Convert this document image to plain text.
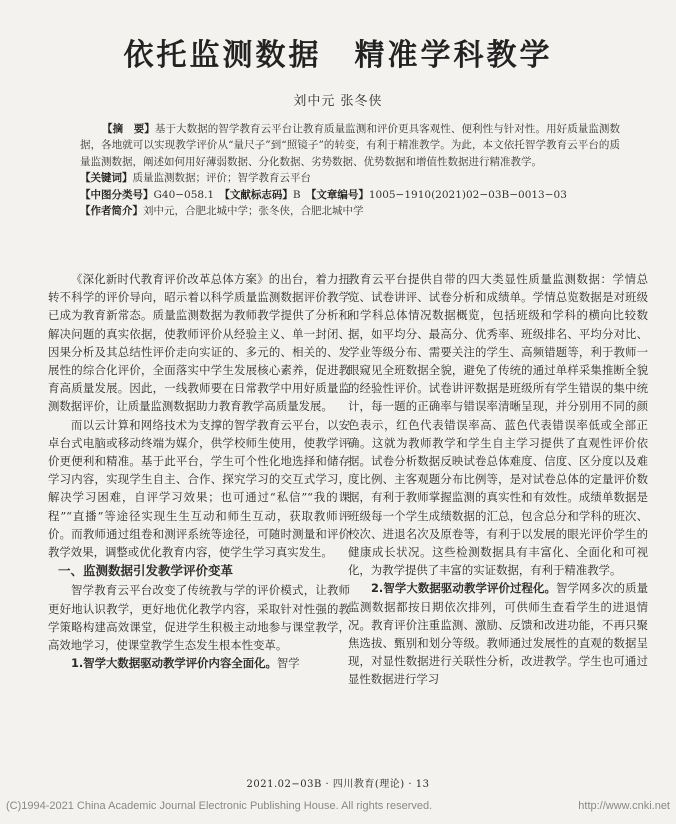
依托监测数据　精准学科教学
刘中元 张冬侠
【摘　要】基于大数据的智学教育云平台让教育质量监测和评价更具客观性、便利性与针对性。用好质量监测数据，各地就可以实现教学评价从“量尺子”到“照镜子”的转变，有利于精准教学。为此，本文依托智学教育云平台的质量监测数据，阐述如何用好薄弱数据、分化数据、劣势数据、优势数据和增值性数据进行精准教学。
【关键词】质量监测数据；评价；智学教育云平台
【中图分类号】G40−058.1　 【文献标志码】B　 【文章编号】1005−1910(2021)02−03B−0013−03
【作者简介】刘中元，合肥北城中学；张冬侠，合肥北城中学

《深化新时代教育评价改革总体方案》的出台，着力扭转不科学的评价导向，昭示着以科学质量监测数据评价教学已成为教育新常态。质量监测数据为教师教学提供了分析和解决问题的真实依据，使教师评价从经验主义、单一封闭、因果分析及其总结性评价走向实证的、多元的、相关的、发展性的综合化评价，全面落实中学生发展核心素养，促进教育高质量发展。因此，一线教师要在日常教学中用好质量监测数据评价，让质量监测数据助力教育教学高质量发展。

而以云计算和网络技术为支撑的智学教育云平台，以安卓台式电脑或移动终端为媒介，供学校师生使用，使教学评价更便利和精准。基于此平台，学生可个性化地选择和储存学习内容，实现学生自主、合作、探究学习的交互式学习，解决学习困难，自评学习效果；也可通过“私信”“我的课程”“直播”等途径实现生生互动和师生互动，获取教师评价。而教师通过组卷和测评系统等途径，可随时测量和评价教学效果，调整或优化教育内容，使学生学习真实发生。

一、监测数据引发教学评价变革

智学教育云平台改变了传统教与学的评价模式，让教师更好地认识教学，更好地优化教学内容，采取针对性强的教学策略构建高效课堂，促进学生积极主动地参与课堂教学，高效地学习，使课堂教学生态发生根本性变革。

1.智学大数据驱动教学评价内容全面化。智学

教育云平台提供自带的四大类显性质量监测数据：学情总览、试卷讲评、试卷分析和成绩单。学情总览数据是对班级和学科总体情况数据概览，包括班级和学科的横向比较数据，如平均分、最高分、优秀率、班级排名、平均分对比、学业等级分布、需要关注的学生、高频错题等，利于教师一眼窥见全班数据全貌，避免了传统的通过单样采集推断全貌的经验性评价。试卷讲评数据是班级所有学生错误的集中统计，每一题的正确率与错误率清晰呈现，并分别用不同的颜色表示，红色代表错误率高、蓝色代表错误率低或全部正确。这就为教师教学和学生自主学习提供了直观性评价依据。试卷分析数据反映试卷总体难度、信度、区分度以及难度比例、主客观题分布比例等，是对试卷总体的定量评价数据，有利于教师掌握监测的真实性和有效性。成绩单数据是班级每一个学生成绩数据的汇总，包含总分和学科的班次、校次、进退名次及原卷等，有利于以发展的眼光评价学生的健康成长状况。这些检测数据具有丰富化、全面化和可视化，为教学提供了丰富的实证数据，有利于精准教学。

2.智学大数据驱动教学评价过程化。智学网多次的质量监测数据都按日期依次排列，可供师生查看学生的进退情况。教育评价注重监测、激励、反馈和改进功能，不再只聚焦选拔、甄别和划分等级。教师通过发展性的直观的数据呈现，对显性数据进行关联性分析，改进教学。学生也可通过显性数据进行学习

2021.02−03B · 四川教育(理论) · 13
(C)1994-2021 China Academic Journal Electronic Publishing House. All rights reserved.	http://www.cnki.net
